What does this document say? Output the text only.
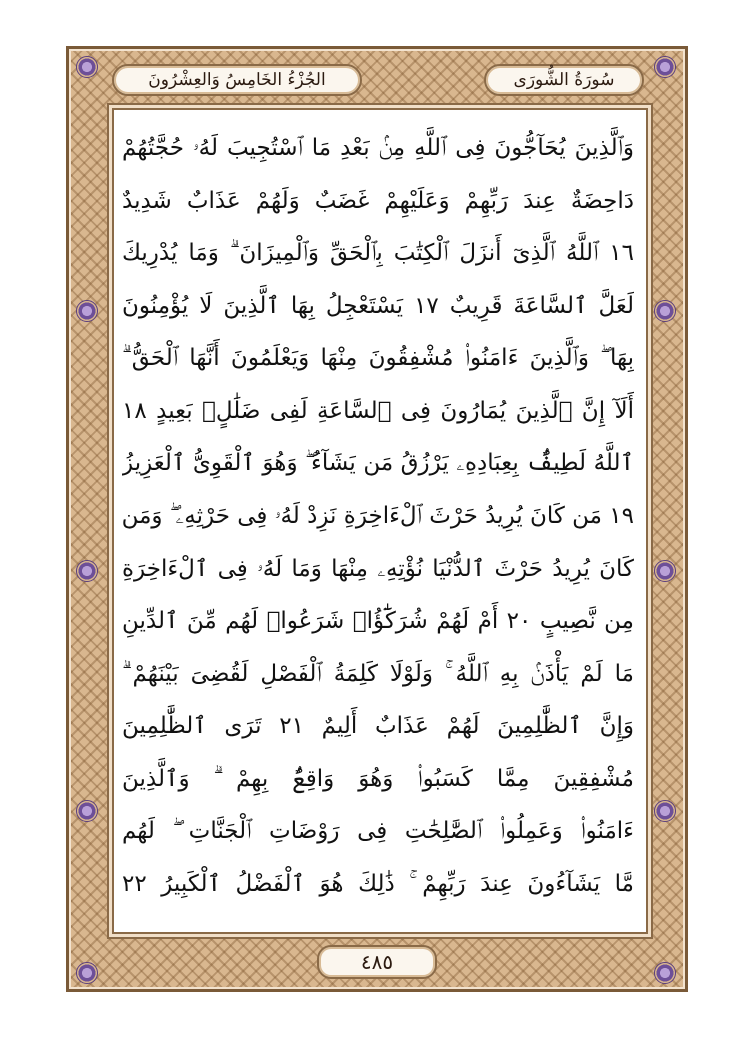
الجُزْءُ الخَامِسُ وَالعِشْرُونَ	سُورَةُ الشُّورَى
وَٱلَّذِينَ يُحَآجُّونَ فِى ٱللَّهِ مِنۢ بَعْدِ مَا ٱسْتُجِيبَ لَهُۥ حُجَّتُهُمْ
دَاحِضَةٌ عِندَ رَبِّهِمْ وَعَلَيْهِمْ غَضَبٌ وَلَهُمْ عَذَابٌ شَدِيدٌ
١٦ ٱللَّهُ ٱلَّذِىٓ أَنزَلَ ٱلْكِتَٰبَ بِٱلْحَقِّ وَٱلْمِيزَانَ ۗ وَمَا يُدْرِيكَ
لَعَلَّ ٱلسَّاعَةَ قَرِيبٌ ١٧ يَسْتَعْجِلُ بِهَا ٱلَّذِينَ لَا يُؤْمِنُونَ
بِهَا ۖ وَٱلَّذِينَ ءَامَنُوا۟ مُشْفِقُونَ مِنْهَا وَيَعْلَمُونَ أَنَّهَا ٱلْحَقُّ ۗ
أَلَآ إِنَّ ٱلَّذِينَ يُمَارُونَ فِى ٱلسَّاعَةِ لَفِى ضَلَٰلٍۭ بَعِيدٍ ١٨
ٱللَّهُ لَطِيفٌۢ بِعِبَادِهِۦ يَرْزُقُ مَن يَشَآءُ ۖ وَهُوَ ٱلْقَوِىُّ ٱلْعَزِيزُ
١٩ مَن كَانَ يُرِيدُ حَرْثَ ٱلْءَاخِرَةِ نَزِدْ لَهُۥ فِى حَرْثِهِۦ ۖ وَمَن
كَانَ يُرِيدُ حَرْثَ ٱلدُّنْيَا نُؤْتِهِۦ مِنْهَا وَمَا لَهُۥ فِى ٱلْءَاخِرَةِ
مِن نَّصِيبٍ ٢٠ أَمْ لَهُمْ شُرَكَٰٓؤُا۟ شَرَعُوا۟ لَهُم مِّنَ ٱلدِّينِ
مَا لَمْ يَأْذَنۢ بِهِ ٱللَّهُ ۚ وَلَوْلَا كَلِمَةُ ٱلْفَصْلِ لَقُضِىَ بَيْنَهُمْ ۗ
وَإِنَّ ٱلظَّٰلِمِينَ لَهُمْ عَذَابٌ أَلِيمٌ ٢١ تَرَى ٱلظَّٰلِمِينَ
مُشْفِقِينَ مِمَّا كَسَبُوا۟ وَهُوَ وَاقِعٌۢ بِهِمْ ۗ وَٱلَّذِينَ
ءَامَنُوا۟ وَعَمِلُوا۟ ٱلصَّٰلِحَٰتِ فِى رَوْضَاتِ ٱلْجَنَّاتِ ۖ لَهُم
مَّا يَشَآءُونَ عِندَ رَبِّهِمْ ۚ ذَٰلِكَ هُوَ ٱلْفَضْلُ ٱلْكَبِيرُ ٢٢
٤٨٥
